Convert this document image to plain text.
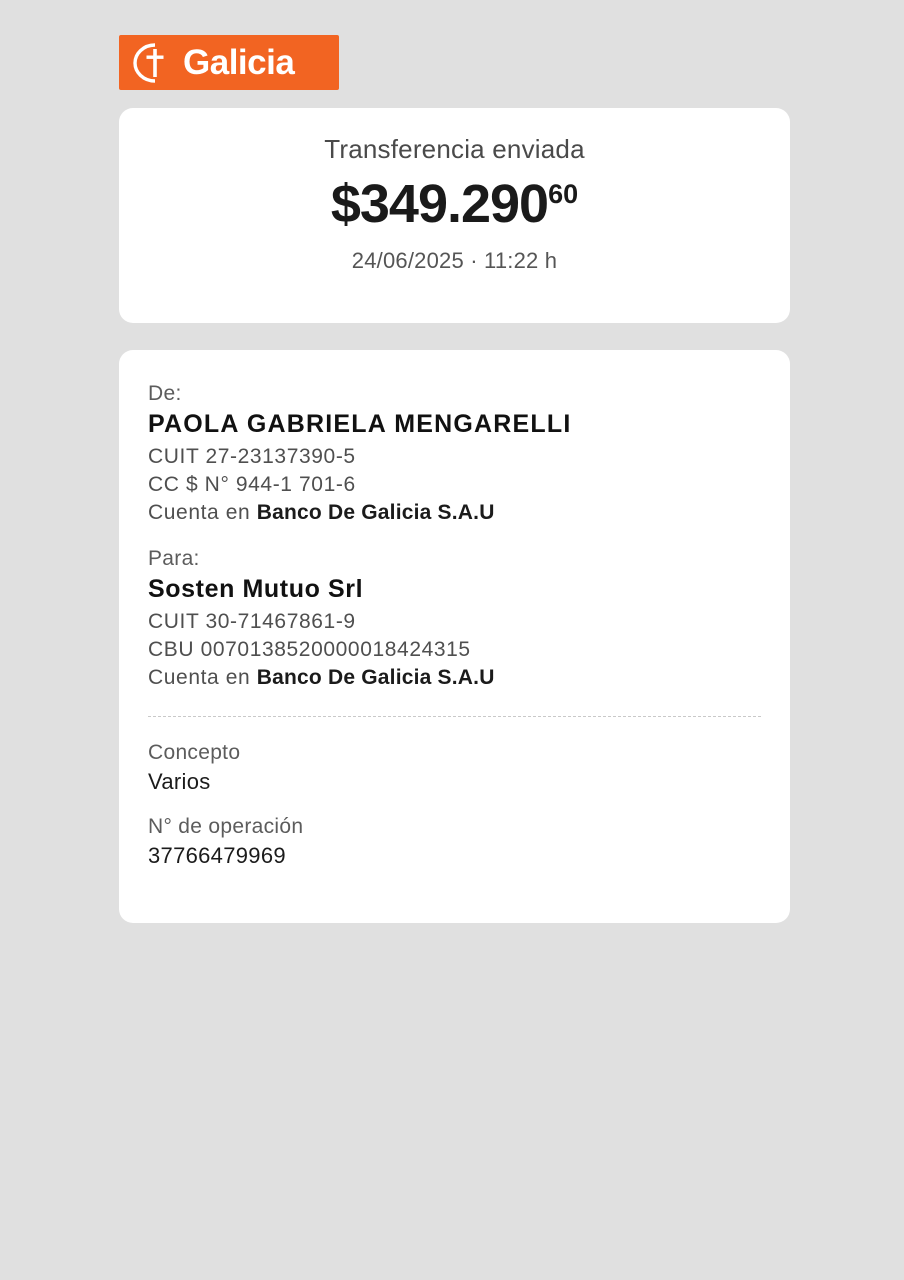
Galicia

Transferencia enviada

$349.290$^{60}$

24/06/2025 · 11:22 h

De:

PAOLA GABRIELA MENGARELLI

CUIT 27-23137390-5

CC $ N° 944-1 701-6

Cuenta en Banco De Galicia S.A.U

Para:

Sosten Mutuo Srl

CUIT 30-71467861-9

CBU 0070138520000018424315

Cuenta en Banco De Galicia S.A.U

Concepto

Varios

N° de operación

37766479969
